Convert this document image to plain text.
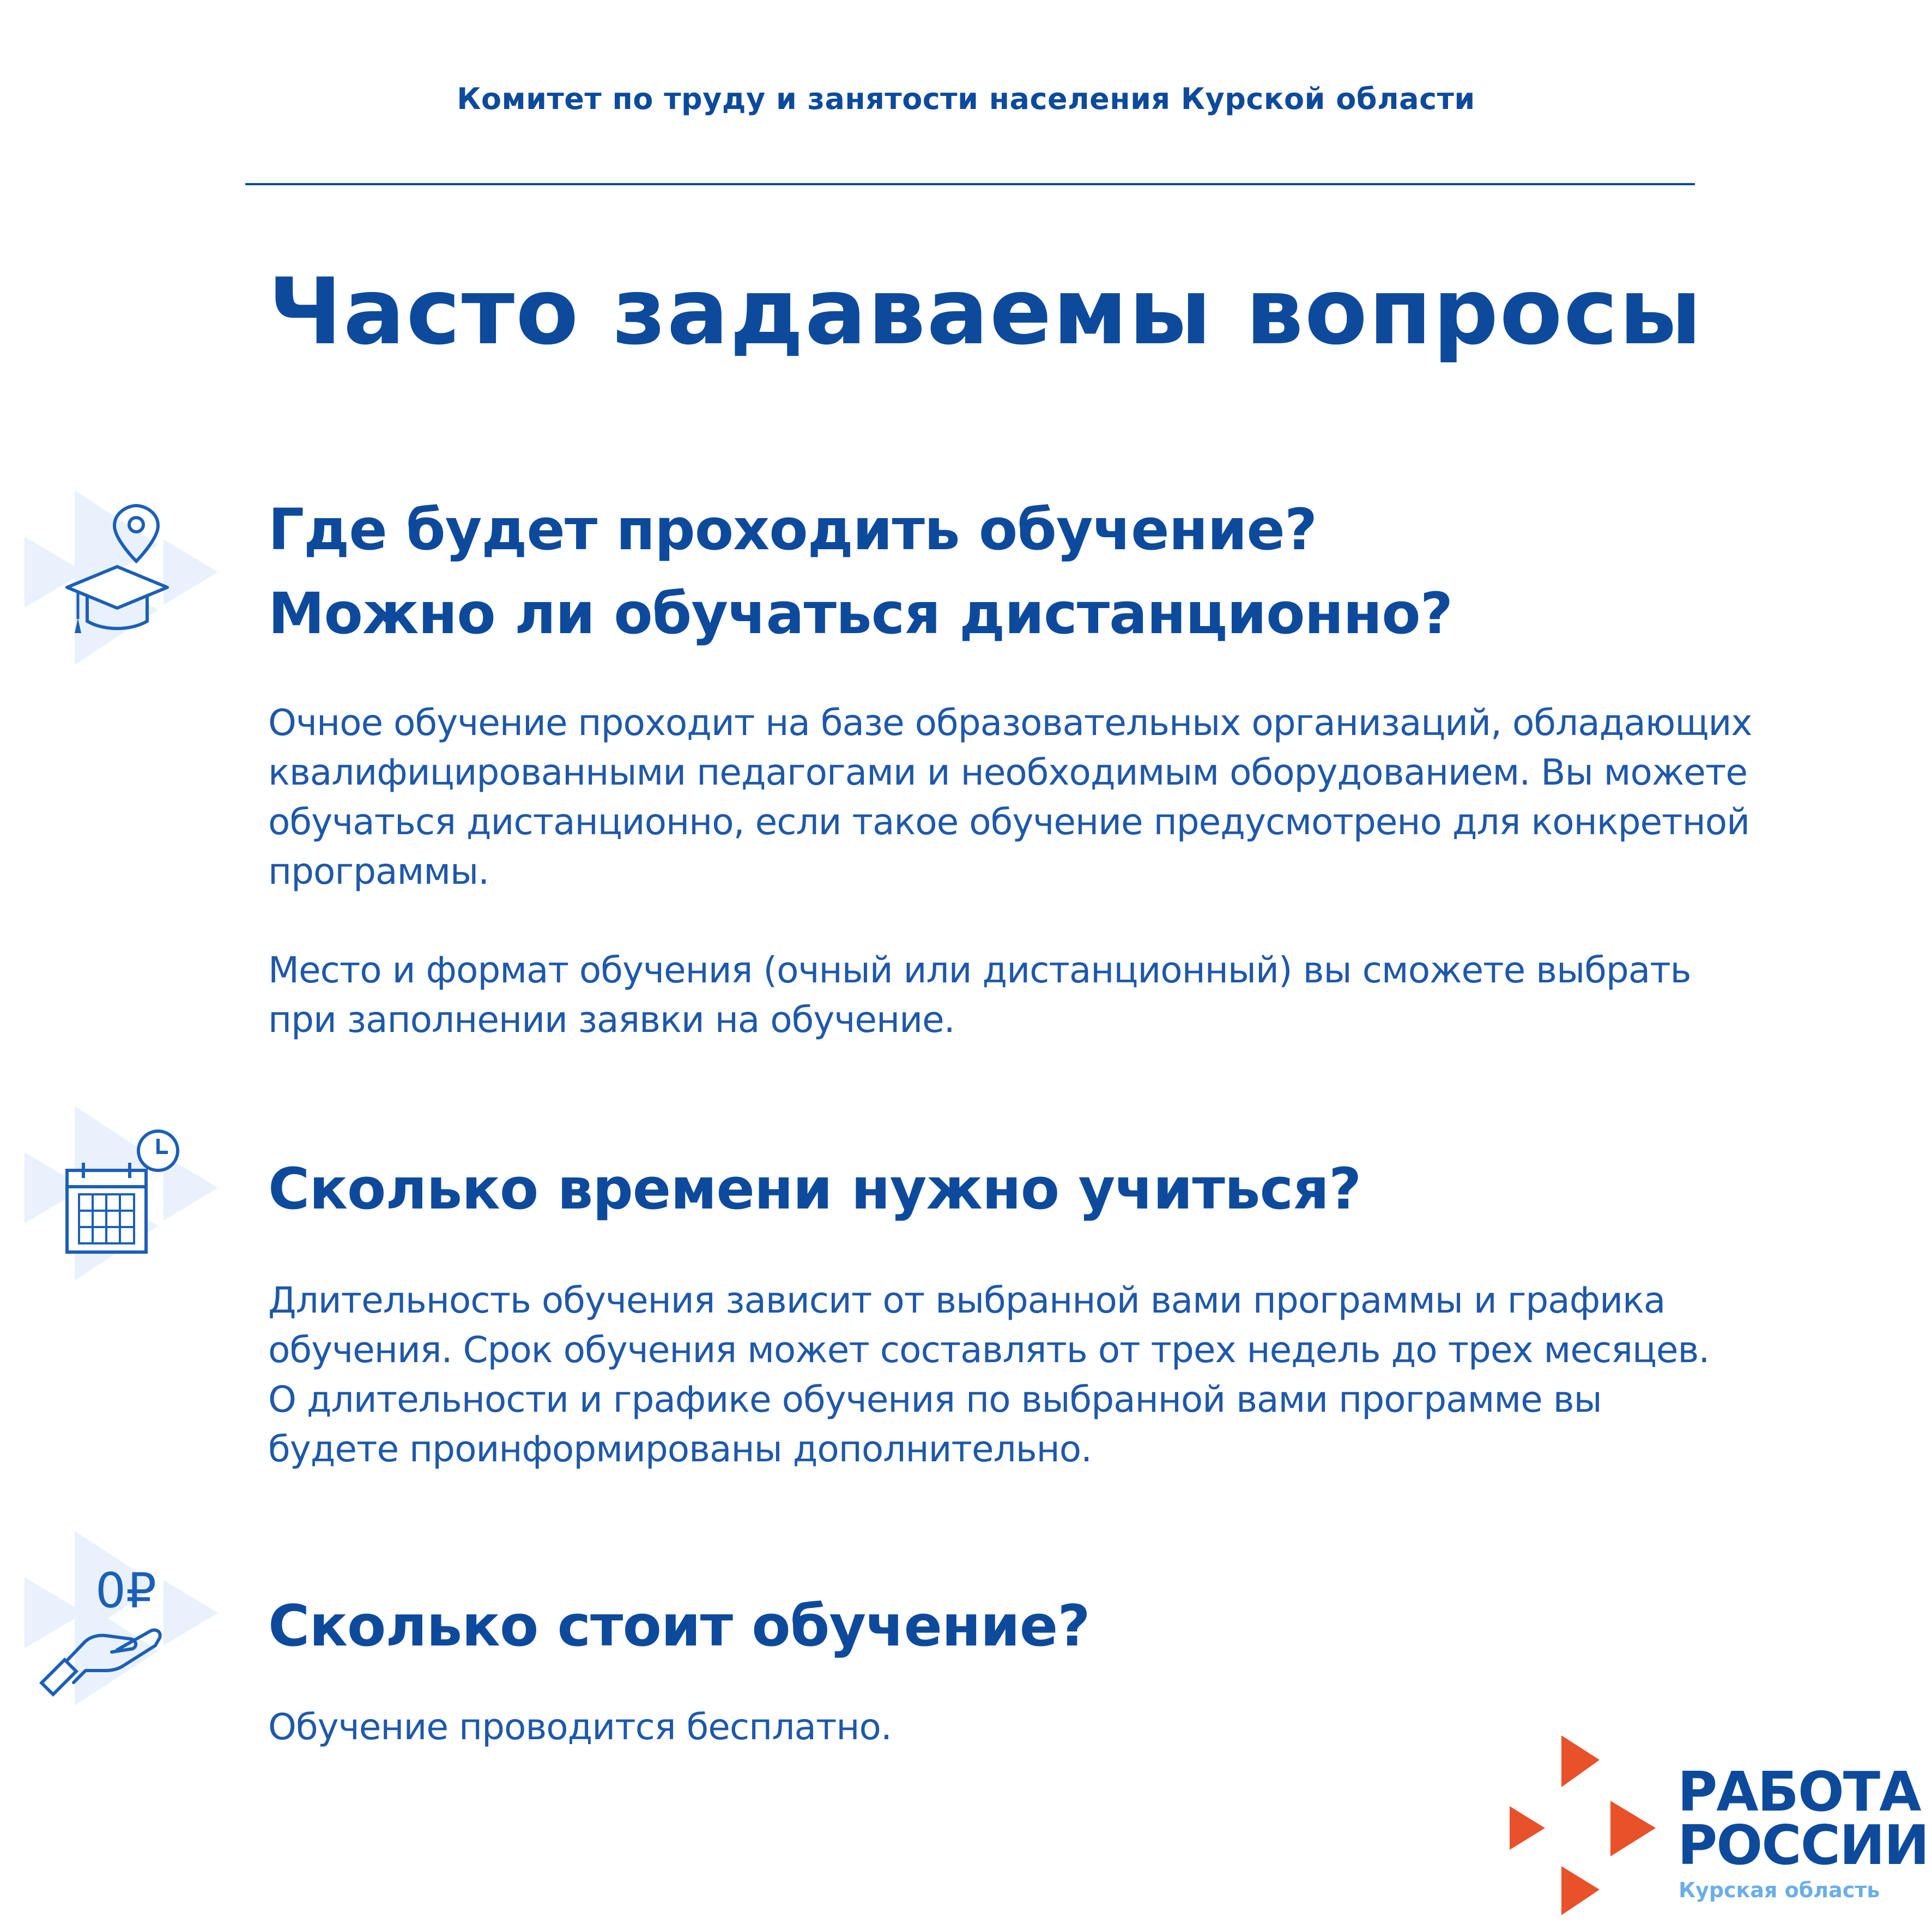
Комитет по труду и занятости населения Курской области
Часто задаваемы вопросы
Где будет проходить обучение?
Можно ли обучаться дистанционно?
Очное обучение проходит на базе образовательных организаций, обладающих
квалифицированными педагогами и необходимым оборудованием. Вы можете
обучаться дистанционно, если такое обучение предусмотрено для конкретной
программы.
Место и формат обучения (очный или дистанционный) вы сможете выбрать
при заполнении заявки на обучение.
Сколько времени нужно учиться?
Длительность обучения зависит от выбранной вами программы и графика
обучения. Срок обучения может составлять от трех недель до трех месяцев.
О длительности и графике обучения по выбранной вами программе вы
будете проинформированы дополнительно.
0₽
Сколько стоит обучение?
Обучение проводится бесплатно.
РАБОТА
РОССИИ
Курская область
